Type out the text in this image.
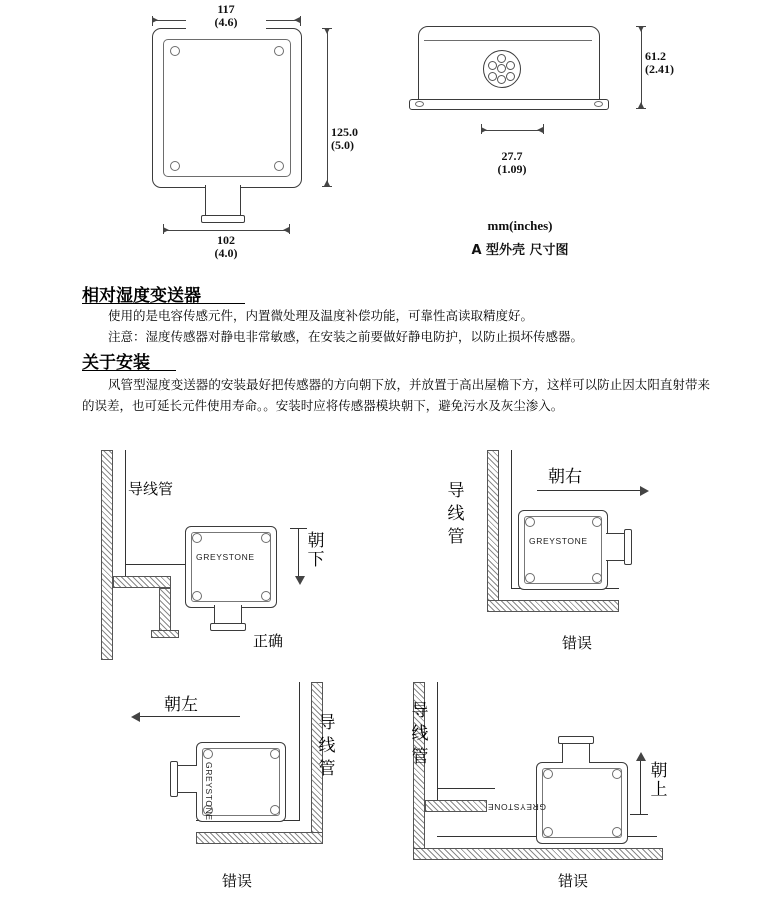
117
(4.6)
125.0
(5.0)
102
(4.0)
61.2
(2.41)
27.7
(1.09)
mm(inches)
A 型外壳 尺寸图
相对湿度变送器
使用的是电容传感元件，内置微处理及温度补偿功能，可靠性高读取精度好。
注意：湿度传感器对静电非常敏感，在安装之前要做好静电防护，以防止损坏传感器。
关于安装
风管型湿度变送器的安装最好把传感器的方向朝下放，并放置于高出屋檐下方，这样可以防止因太阳直射带来的误差，也可延长元件使用寿命。。安装时应将传感器模块朝下，避免污水及灰尘渗入。
导线管
GREYSTONE
朝
下
正确
导
线
管	GREYSTONE
朝右
错误
导
线
管
GREYSTONE
朝左
错误
导
线
管
GREYSTONE
朝
上
错误
